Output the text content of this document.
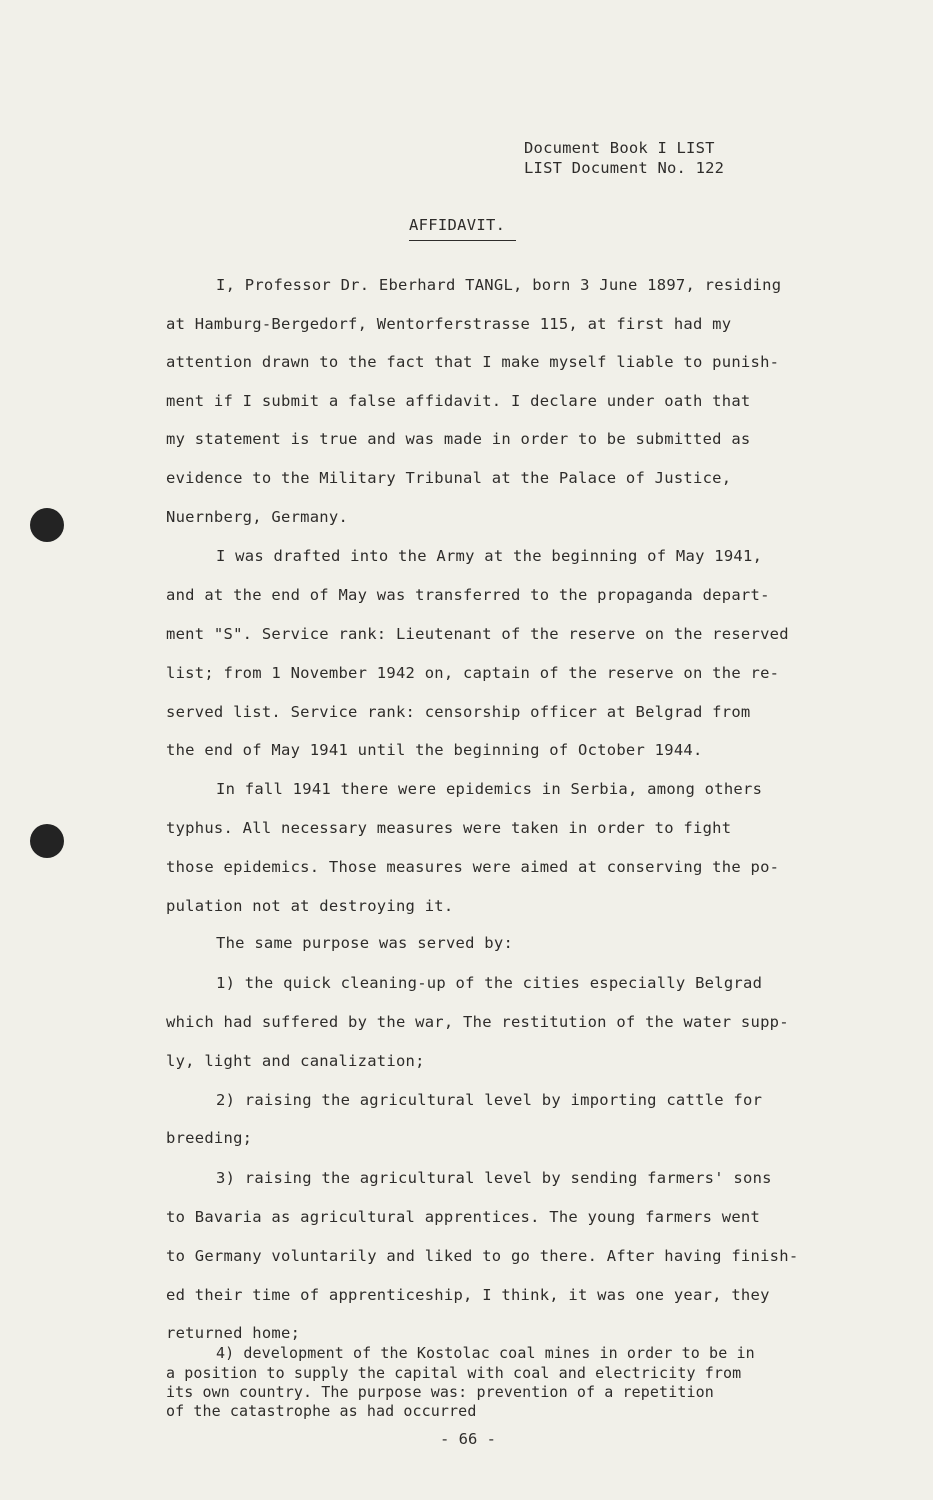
Document Book I LIST
LIST Document No. 122
AFFIDAVIT.
I, Professor Dr. Eberhard TANGL, born 3 June 1897, residing
at Hamburg-Bergedorf, Wentorferstrasse 115, at first had my
attention drawn to the fact that I make myself liable to punish-
ment if I submit a false affidavit. I declare under oath that
my statement is true and was made in order to be submitted as
evidence to the Military Tribunal at the Palace of Justice,
Nuernberg, Germany.
I was drafted into the Army at the beginning of May 1941,
and at the end of May was transferred to the propaganda depart-
ment "S". Service rank: Lieutenant of the reserve on the reserved
list; from 1 November 1942 on, captain of the reserve on the re-
served list. Service rank: censorship officer at Belgrad from
the end of May 1941 until the beginning of October 1944.
In fall 1941 there were epidemics in Serbia, among others
typhus. All necessary measures were taken in order to fight
those epidemics. Those measures were aimed at conserving the po-
pulation not at destroying it.
The same purpose was served by:
1) the quick cleaning-up of the cities especially Belgrad
which had suffered by the war, The restitution of the water supp-
ly, light and canalization;
2) raising the agricultural level by importing cattle for
breeding;
3) raising the agricultural level by sending farmers' sons
to Bavaria as agricultural apprentices. The young farmers went
to Germany voluntarily and liked to go there. After having finish-
ed their time of apprenticeship, I think, it was one year, they
returned home;
4) development of the Kostolac coal mines in order to be in
a position to supply the capital with coal and electricity from
its own country. The purpose was: prevention of a repetition
of the catastrophe as had occurred
- 66 -
